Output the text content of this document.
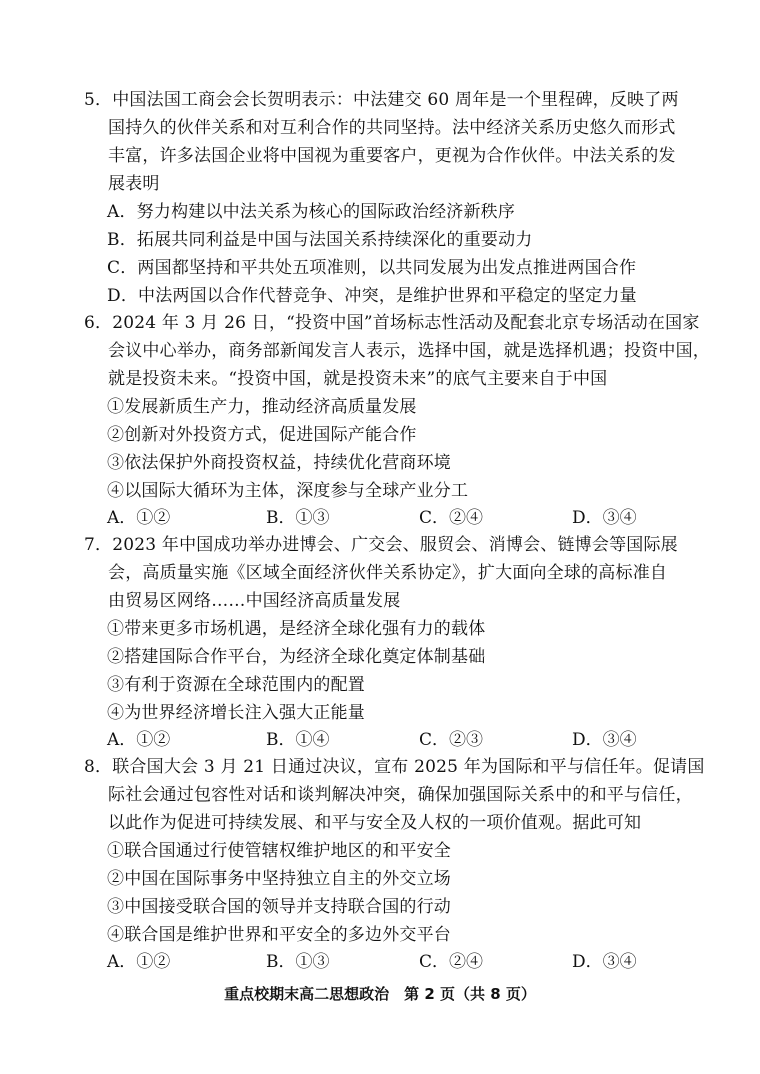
5．中国法国工商会会长贺明表示：中法建交 60 周年是一个里程碑，反映了两
国持久的伙伴关系和对互利合作的共同坚持。法中经济关系历史悠久而形式
丰富，许多法国企业将中国视为重要客户，更视为合作伙伴。中法关系的发
展表明
A．努力构建以中法关系为核心的国际政治经济新秩序
B．拓展共同利益是中国与法国关系持续深化的重要动力
C．两国都坚持和平共处五项准则，以共同发展为出发点推进两国合作
D．中法两国以合作代替竞争、冲突，是维护世界和平稳定的坚定力量
6．2024 年 3 月 26 日，“投资中国”首场标志性活动及配套北京专场活动在国家
会议中心举办，商务部新闻发言人表示，选择中国，就是选择机遇；投资中国，
就是投资未来。“投资中国，就是投资未来”的底气主要来自于中国
①发展新质生产力，推动经济高质量发展
②创新对外投资方式，促进国际产能合作
③依法保护外商投资权益，持续优化营商环境
④以国际大循环为主体，深度参与全球产业分工
A．①②	B．①③	C．②④	D．③④
7．2023 年中国成功举办进博会、广交会、服贸会、消博会、链博会等国际展
会，高质量实施《区域全面经济伙伴关系协定》，扩大面向全球的高标准自
由贸易区网络……中国经济高质量发展
①带来更多市场机遇，是经济全球化强有力的载体
②搭建国际合作平台，为经济全球化奠定体制基础
③有利于资源在全球范围内的配置
④为世界经济增长注入强大正能量
A．①②	B．①④	C．②③	D．③④
8．联合国大会 3 月 21 日通过决议，宣布 2025 年为国际和平与信任年。促请国
际社会通过包容性对话和谈判解决冲突，确保加强国际关系中的和平与信任，
以此作为促进可持续发展、和平与安全及人权的一项价值观。据此可知
①联合国通过行使管辖权维护地区的和平安全
②中国在国际事务中坚持独立自主的外交立场
③中国接受联合国的领导并支持联合国的行动
④联合国是维护世界和平安全的多边外交平台
A．①②	B．①③	C．②④	D．③④
重点校期末高二思想政治　第 2 页（共 8 页）
